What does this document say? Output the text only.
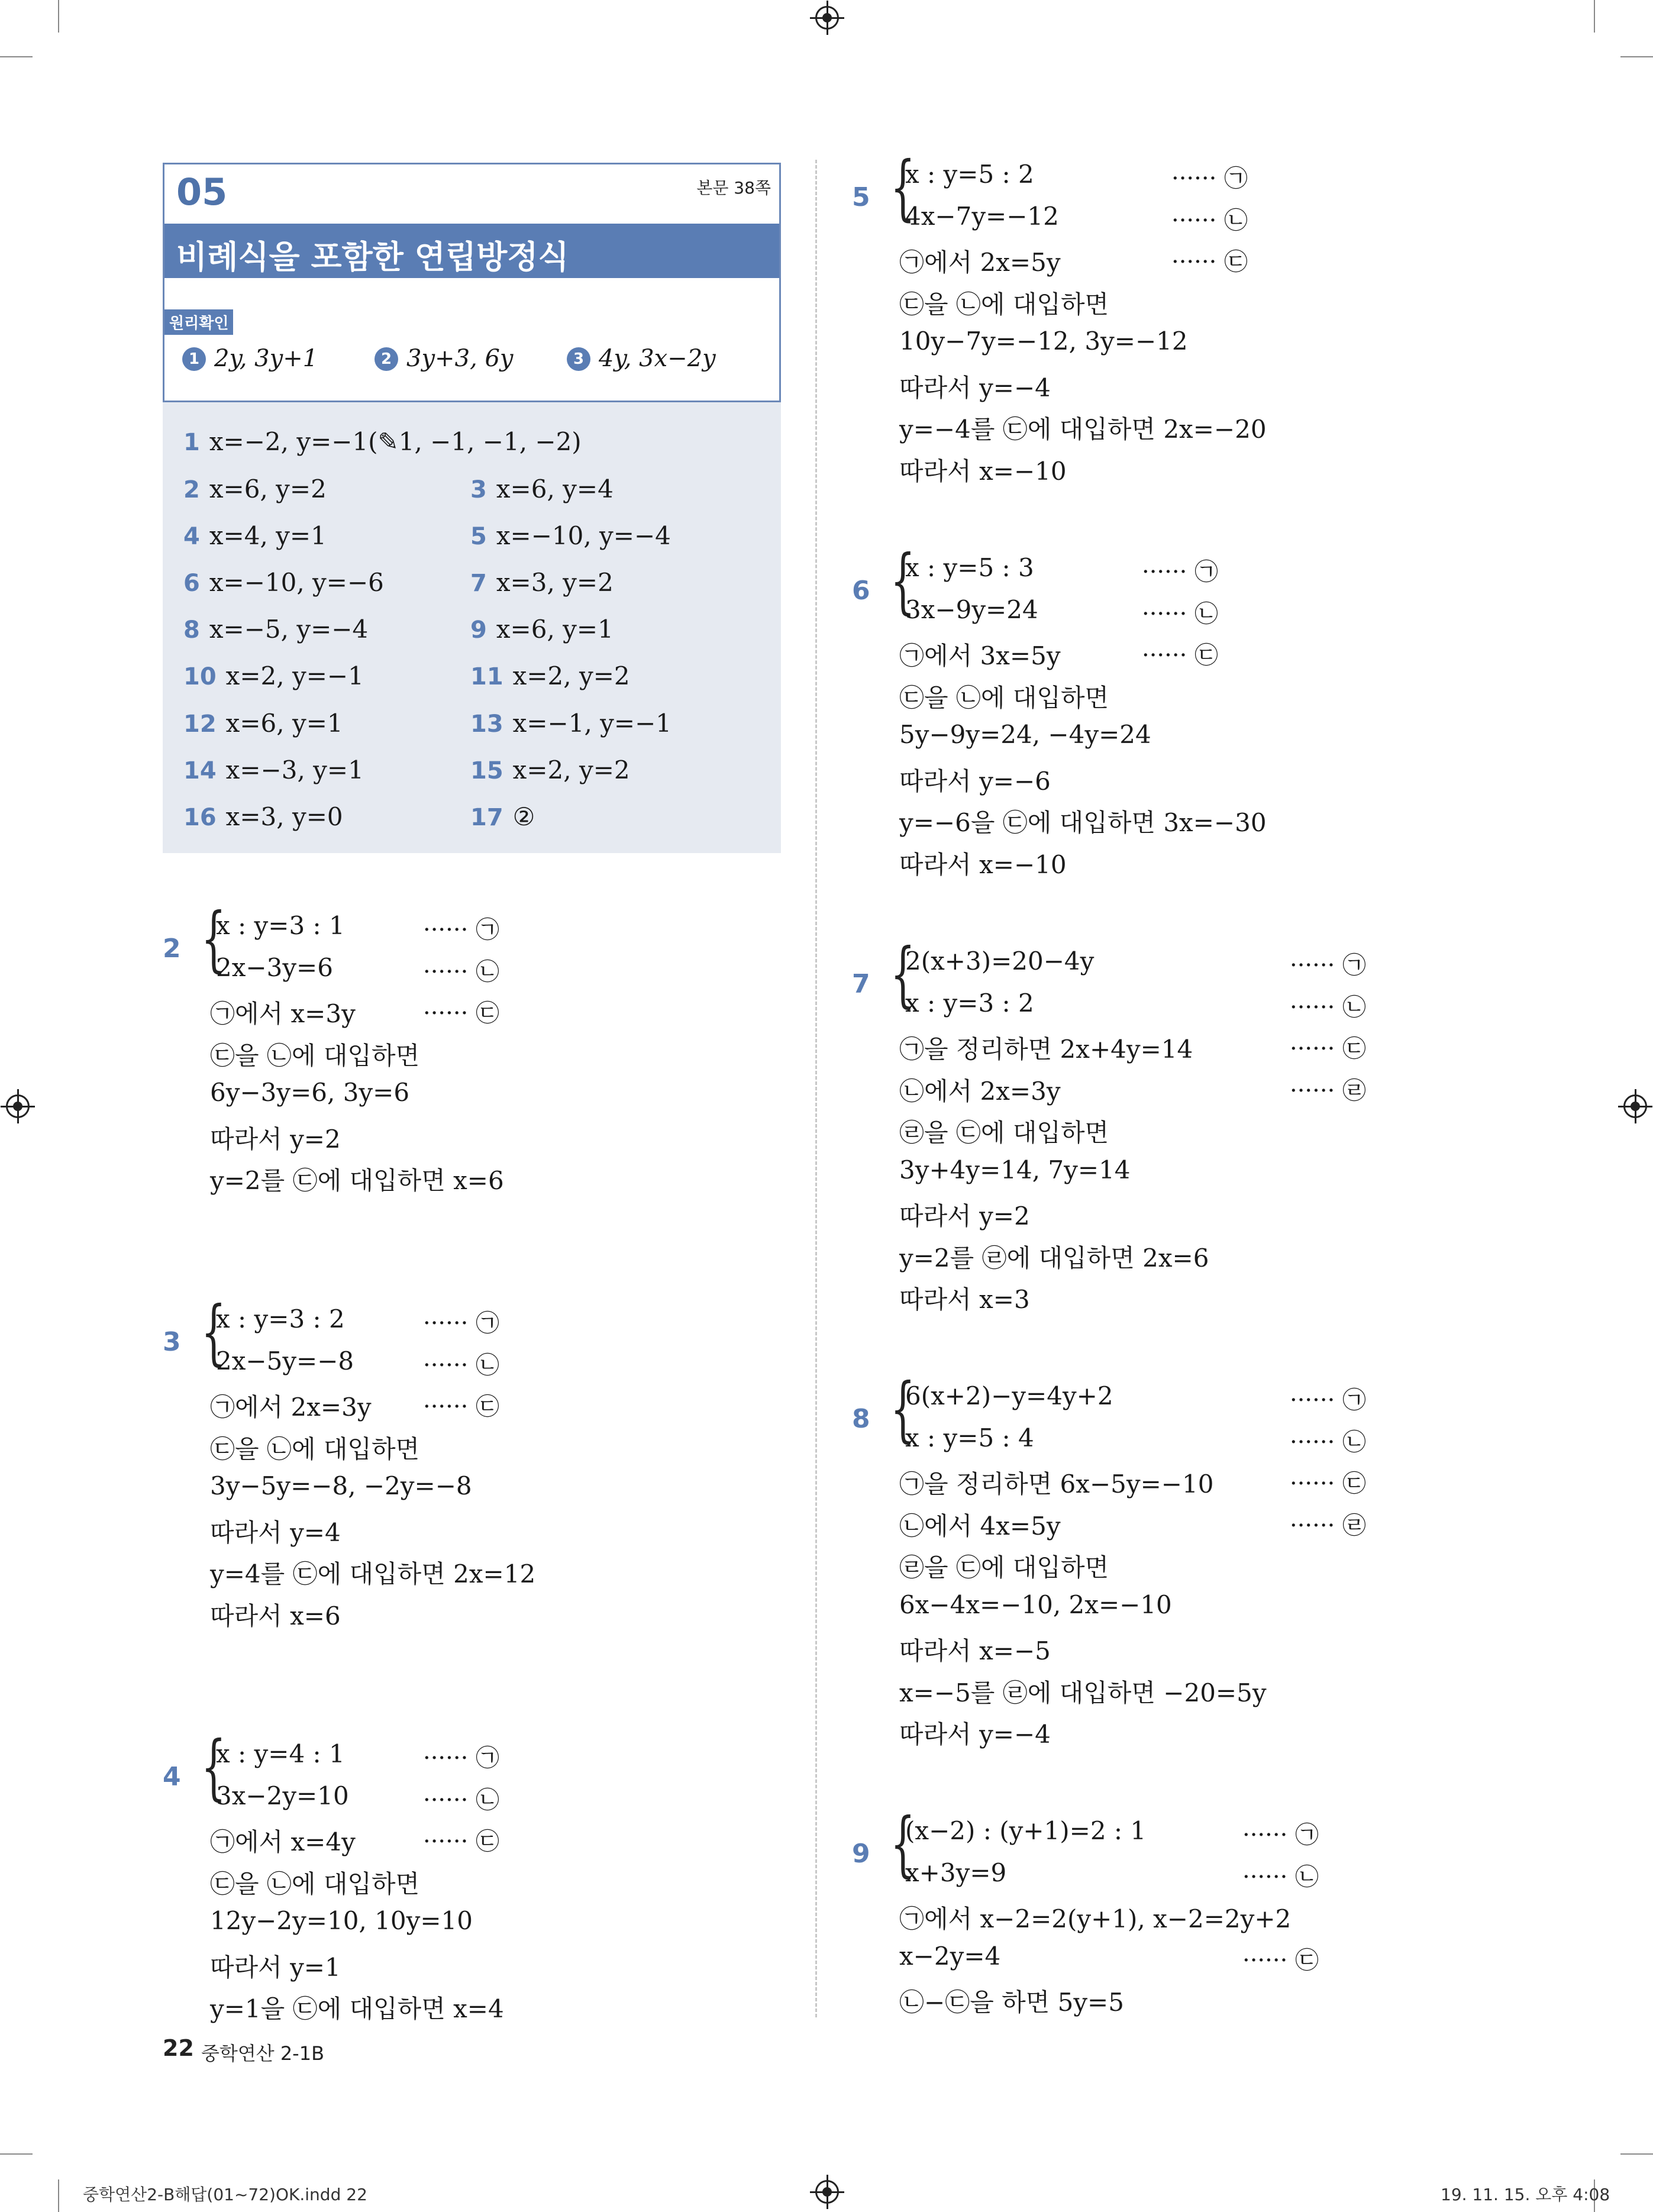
05	본문 38쪽
비례식을 포함한 연립방정식
원리확인
1 2y, 3y+1	2 3y+3, 6y	3 4y, 3x−2y
1 x=−2, y=−1(✎1, −1, −1, −2)
2 x=6, y=2	3 x=6, y=4
4 x=4, y=1	5 x=−10, y=−4
6 x=−10, y=−6	7 x=3, y=2
8 x=−5, y=−4	9 x=6, y=1
10 x=2, y=−1	11 x=2, y=2
12 x=6, y=1	13 x=−1, y=−1
14 x=−3, y=1	15 x=2, y=2
16 x=3, y=0	17 ②
2 {
x : y=3 : 1	······ ㉠
2x−3y=6	······ ㉡
㉠에서 x=3y	······ ㉢
㉢을 ㉡에 대입하면
6y−3y=6, 3y=6
따라서 y=2
y=2를 ㉢에 대입하면 x=6
3 {
x : y=3 : 2	······ ㉠
2x−5y=−8	······ ㉡
㉠에서 2x=3y ······ ㉢
㉢을 ㉡에 대입하면
3y−5y=−8, −2y=−8
따라서 y=4
y=4를 ㉢에 대입하면 2x=12
따라서 x=6
4 {
x : y=4 : 1	······ ㉠
3x−2y=10	······ ㉡
㉠에서 x=4y	······ ㉢
㉢을 ㉡에 대입하면
12y−2y=10, 10y=10
따라서 y=1
y=1을 ㉢에 대입하면 x=4
5 {
x : y=5 : 2	······ ㉠
4x−7y=−12	······ ㉡
㉠에서 2x=5y	······ ㉢
㉢을 ㉡에 대입하면
10y−7y=−12, 3y=−12
따라서 y=−4
y=−4를 ㉢에 대입하면 2x=−20
따라서 x=−10
6 {
x : y=5 : 3	······ ㉠
3x−9y=24	······ ㉡
㉠에서 3x=5y	······ ㉢
㉢을 ㉡에 대입하면
5y−9y=24, −4y=24
따라서 y=−6
y=−6을 ㉢에 대입하면 3x=−30
따라서 x=−10
7 {
2(x+3)=20−4y	······ ㉠
x : y=3 : 2	······ ㉡
㉠을 정리하면 2x+4y=14	······ ㉢
㉡에서 2x=3y	······ ㉣
㉣을 ㉢에 대입하면
3y+4y=14, 7y=14
따라서 y=2
y=2를 ㉣에 대입하면 2x=6
따라서 x=3
8 {
6(x+2)−y=4y+2	······ ㉠
x : y=5 : 4	······ ㉡
㉠을 정리하면 6x−5y=−10	······ ㉢
㉡에서 4x=5y	······ ㉣
㉣을 ㉢에 대입하면
6x−4x=−10, 2x=−10
따라서 x=−5
x=−5를 ㉣에 대입하면 −20=5y
따라서 y=−4
9 {
(x−2) : (y+1)=2 : 1	······ ㉠
x+3y=9	······ ㉡
㉠에서 x−2=2(y+1), x−2=2y+2
x−2y=4	······ ㉢
㉡−㉢을 하면 5y=5
22 중학연산 2-1B
중학연산2-B해답(01~72)OK.indd 22	19. 11. 15. 오후 4:08
